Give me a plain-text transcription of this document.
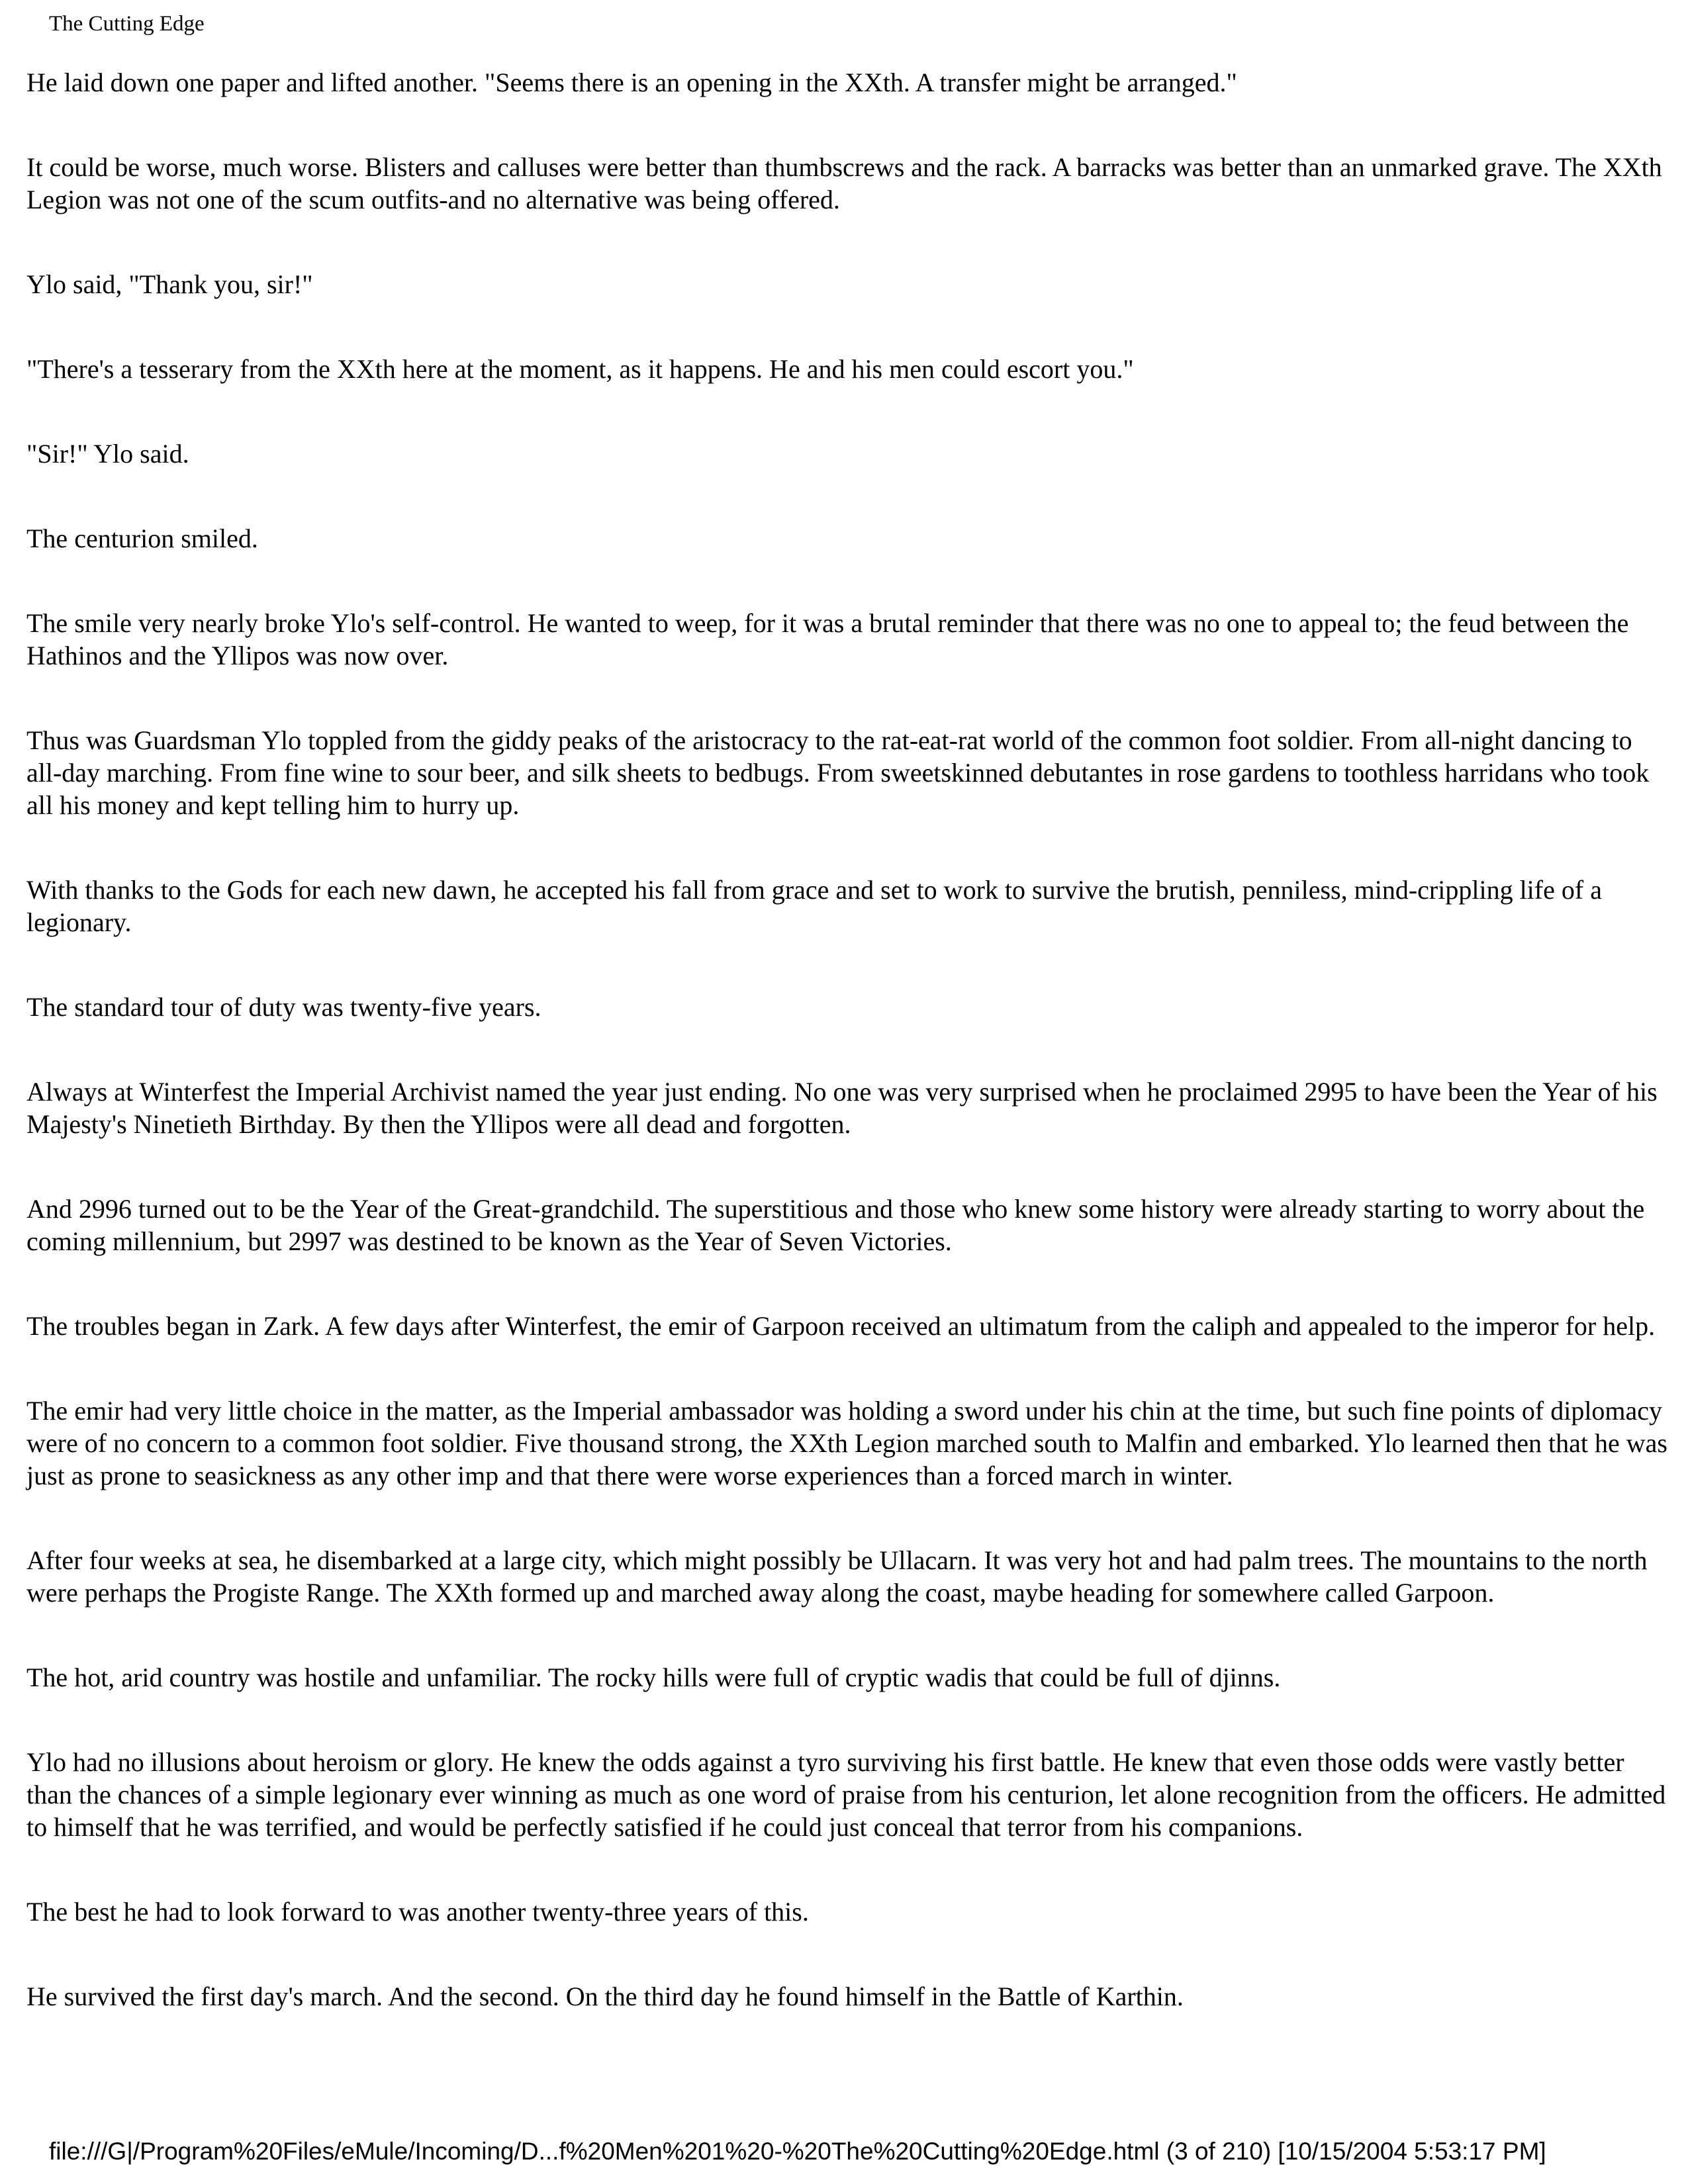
The Cutting Edge

He laid down one paper and lifted another. "Seems there is an opening in the XXth. A transfer might be arranged."

It could be worse, much worse. Blisters and calluses were better than thumbscrews and the rack. A barracks was better than an unmarked grave. The XXth Legion was not one of the scum outfits-and no alternative was being offered.

Ylo said, "Thank you, sir!"

"There's a tesserary from the XXth here at the moment, as it happens. He and his men could escort you."

"Sir!" Ylo said.

The centurion smiled.

The smile very nearly broke Ylo's self-control. He wanted to weep, for it was a brutal reminder that there was no one to appeal to; the feud between the Hathinos and the Yllipos was now over.

Thus was Guardsman Ylo toppled from the giddy peaks of the aristocracy to the rat-eat-rat world of the common foot soldier. From all-night dancing to all-day marching. From fine wine to sour beer, and silk sheets to bedbugs. From sweetskinned debutantes in rose gardens to toothless harridans who took all his money and kept telling him to hurry up.

With thanks to the Gods for each new dawn, he accepted his fall from grace and set to work to survive the brutish, penniless, mind-crippling life of a legionary.

The standard tour of duty was twenty-five years.

Always at Winterfest the Imperial Archivist named the year just ending. No one was very surprised when he proclaimed 2995 to have been the Year of his Majesty's Ninetieth Birthday. By then the Yllipos were all dead and forgotten.

And 2996 turned out to be the Year of the Great-grandchild. The superstitious and those who knew some history were already starting to worry about the coming millennium, but 2997 was destined to be known as the Year of Seven Victories.

The troubles began in Zark. A few days after Winterfest, the emir of Garpoon received an ultimatum from the caliph and appealed to the imperor for help.

The emir had very little choice in the matter, as the Imperial ambassador was holding a sword under his chin at the time, but such fine points of diplomacy were of no concern to a common foot soldier. Five thousand strong, the XXth Legion marched south to Malfin and embarked. Ylo learned then that he was just as prone to seasickness as any other imp and that there were worse experiences than a forced march in winter.

After four weeks at sea, he disembarked at a large city, which might possibly be Ullacarn. It was very hot and had palm trees. The mountains to the north were perhaps the Progiste Range. The XXth formed up and marched away along the coast, maybe heading for somewhere called Garpoon.

The hot, arid country was hostile and unfamiliar. The rocky hills were full of cryptic wadis that could be full of djinns.

Ylo had no illusions about heroism or glory. He knew the odds against a tyro surviving his first battle. He knew that even those odds were vastly better than the chances of a simple legionary ever winning as much as one word of praise from his centurion, let alone recognition from the officers. He admitted to himself that he was terrified, and would be perfectly satisfied if he could just conceal that terror from his companions.

The best he had to look forward to was another twenty-three years of this.

He survived the first day's march. And the second. On the third day he found himself in the Battle of Karthin.

file:///G|/Program%20Files/eMule/Incoming/D...f%20Men%201%20-%20The%20Cutting%20Edge.html (3 of 210) [10/15/2004 5:53:17 PM]
